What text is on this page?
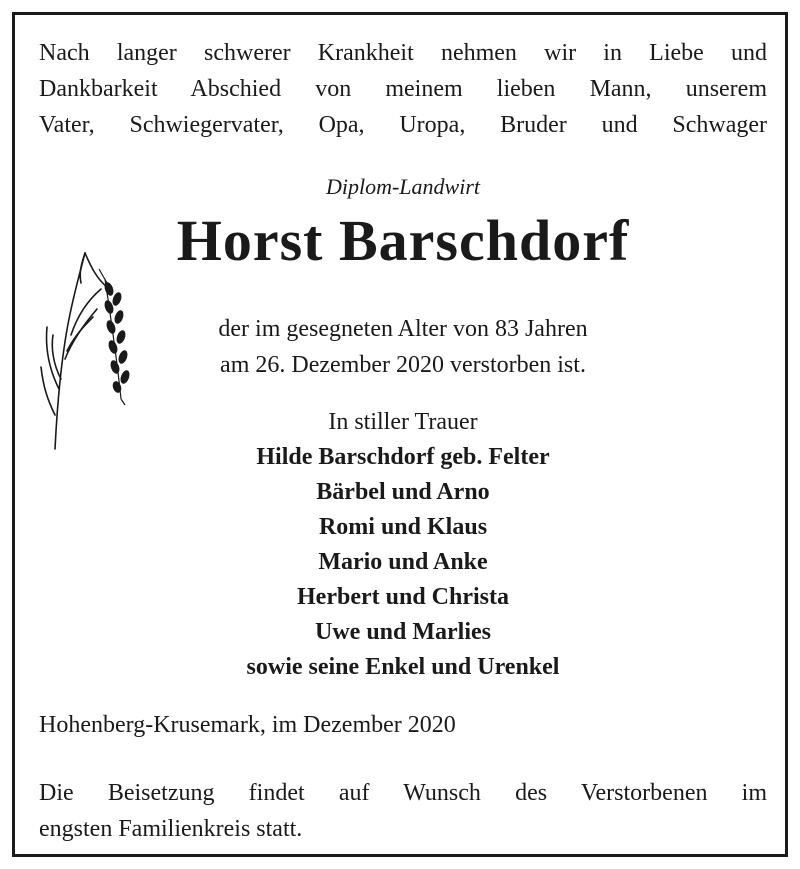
Nach langer schwerer Krankheit nehmen wir in Liebe und
Dankbarkeit Abschied von meinem lieben Mann, unserem
Vater, Schwiegervater, Opa, Uropa, Bruder und Schwager
Diplom-Landwirt
Horst Barschdorf
der im gesegneten Alter von 83 Jahren
am 26. Dezember 2020 verstorben ist.
In stiller Trauer
Hilde Barschdorf geb. Felter
Bärbel und Arno
Romi und Klaus
Mario und Anke
Herbert und Christa
Uwe und Marlies
sowie seine Enkel und Urenkel
Hohenberg-Krusemark, im Dezember 2020
Die Beisetzung findet auf Wunsch des Verstorbenen im
engsten Familienkreis statt.
